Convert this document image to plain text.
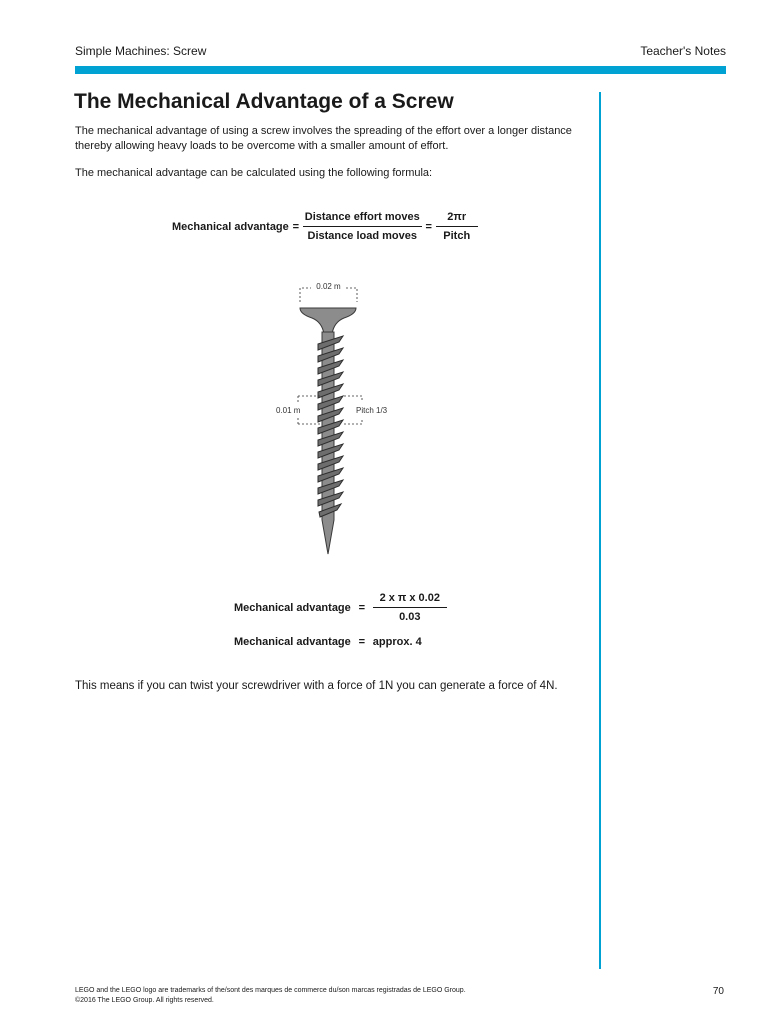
Simple Machines: Screw	Teacher's Notes
The Mechanical Advantage of a Screw

The mechanical advantage of using a screw involves the spreading of the effort over a longer distance thereby allowing heavy loads to be overcome with a smaller amount of effort.

The mechanical advantage can be calculated using the following formula:

Mechanical advantage = $\frac{\text{Distance effort moves}}{\text{Distance load moves}} = \frac{2\pi r}{\text{Pitch}}$
0.02 m
0.01 m	Pitch 1/3
Mechanical advantage = $\frac{\text{2 x π x 0.02}}{0.03}$
Mechanical advantage = approx. 4

This means if you can twist your screwdriver with a force of 1N you can generate a force of 4N.

LEGO and the LEGO logo are trademarks of the/sont des marques de commerce du/son marcas registradas de LEGO Group.
©2016 The LEGO Group. All rights reserved.
70
